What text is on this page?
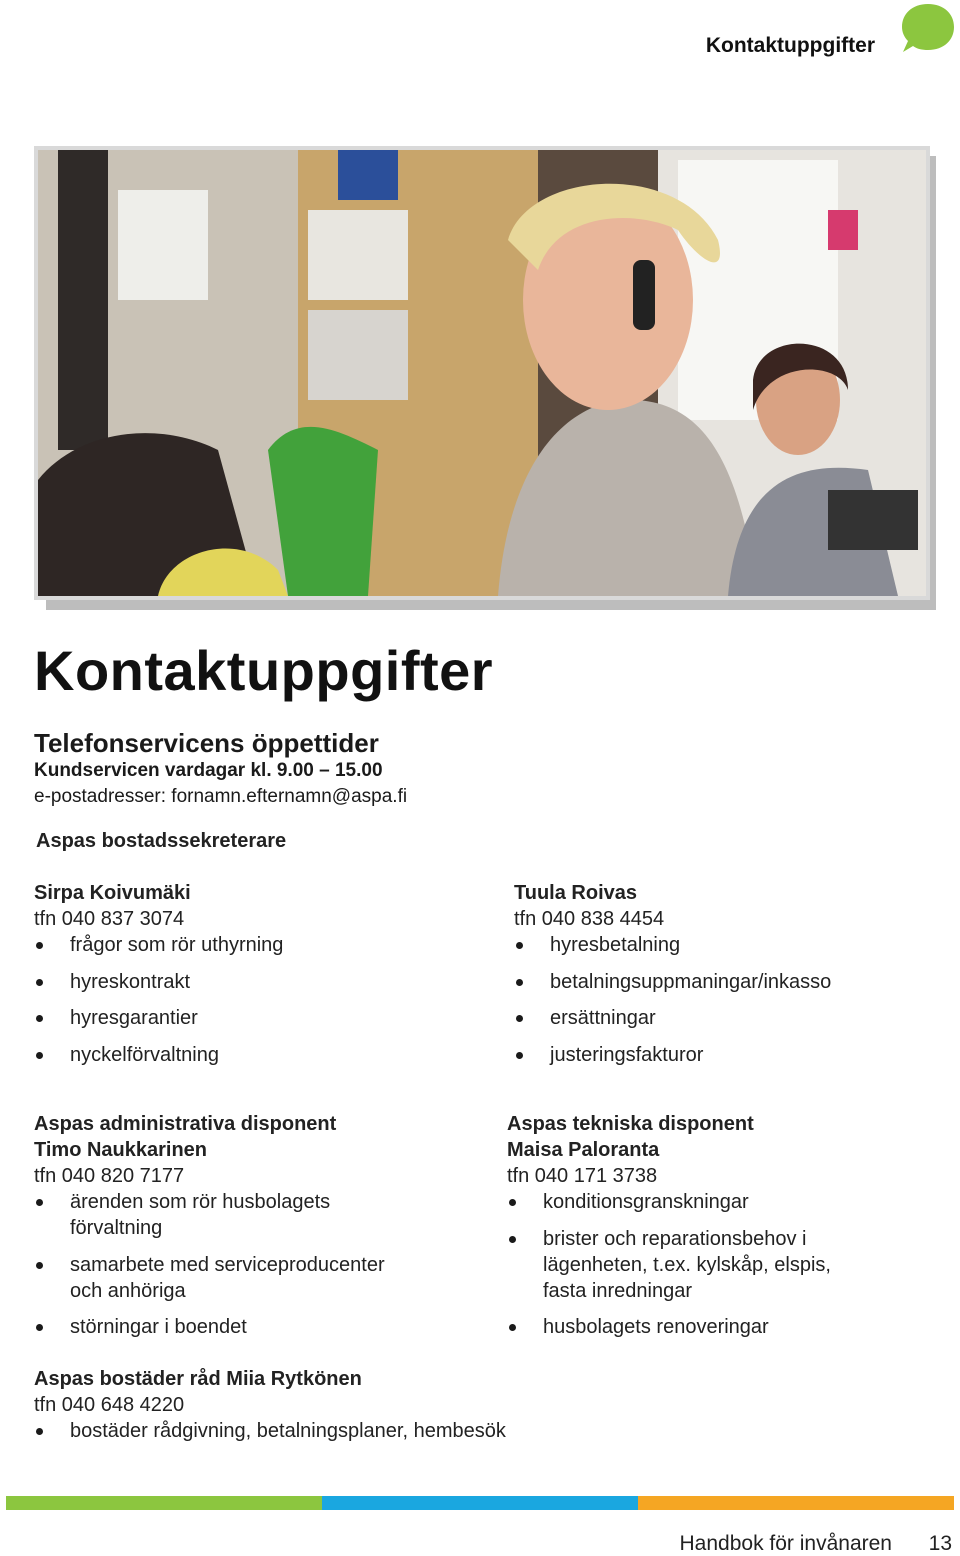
Kontaktuppgifter
Kontaktuppgifter
Telefonservicens öppettider
Kundservicen vardagar kl. 9.00 – 15.00
e-postadresser: fornamn.efternamn@aspa.fi
Aspas bostadssekreterare
Sirpa Koivumäki
tfn 040 837 3074
frågor som rör uthyrning
hyreskontrakt
hyresgarantier
nyckelförvaltning
Tuula Roivas
tfn 040 838 4454
hyresbetalning
betalningsuppmaningar/inkasso
ersättningar
justeringsfakturor
Aspas administrativa disponent
Timo Naukkarinen
tfn 040 820 7177
ärenden som rör husbolagets förvaltning
samarbete med serviceproducenter och anhöriga
störningar i boendet
Aspas tekniska disponent
Maisa Paloranta
tfn 040 171 3738
konditionsgranskningar
brister och reparationsbehov i lägenheten, t.ex. kylskåp, elspis, fasta inredningar
husbolagets renoveringar
Aspas bostäder råd Miia Rytkönen
tfn 040 648 4220
bostäder rådgivning, betalningsplaner, hembesök
Handbok för invånaren 13
